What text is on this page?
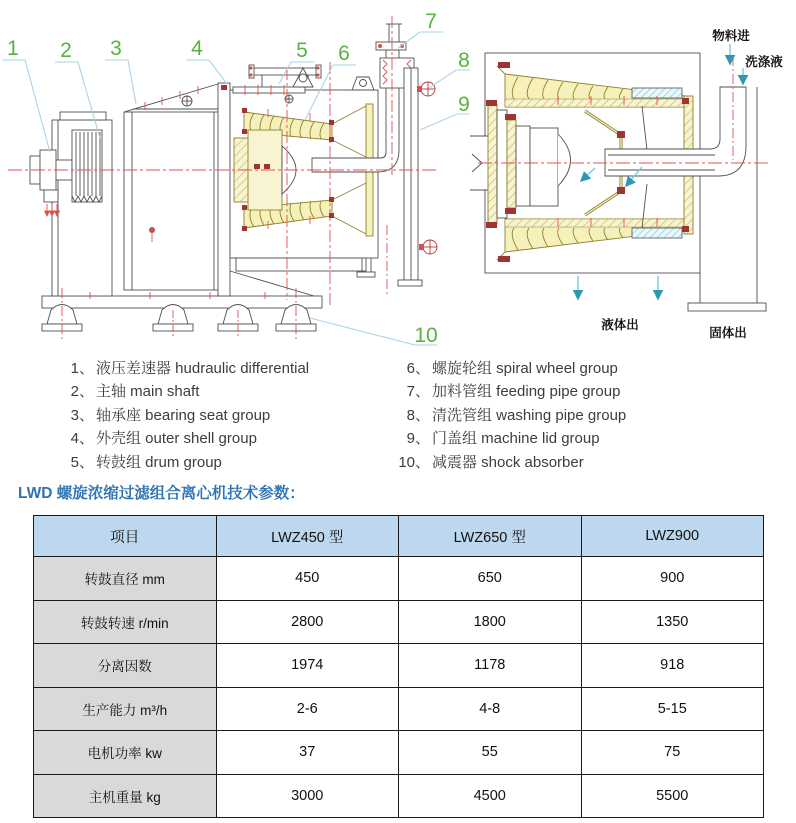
1 2 3	4	5 6
7
8
9
10
物料进
洗涤液
液体出
固体出
1、 液压差速器 hudraulic differential
2、 主轴 main shaft
3、 轴承座 bearing seat group
4、 外壳组 outer shell group
5、 转鼓组 drum group
6、 螺旋轮组 spiral wheel group
7、 加料管组 feeding pipe group
8、 清洗管组 washing pipe group
9、 门盖组 machine lid group
10、 减震器 shock absorber
LWD 螺旋浓缩过滤组合离心机技术参数：
项目	LWZ450 型	LWZ650 型	LWZ900
转鼓直径 mm	450	650	900
转鼓转速 r/min	2800	1800	1350
分离因数	1974	1178	918
生产能力 m³/h	2-6	4-8	5-15
电机功率 kw	37	55	75
主机重量 kg	3000	4500	5500
